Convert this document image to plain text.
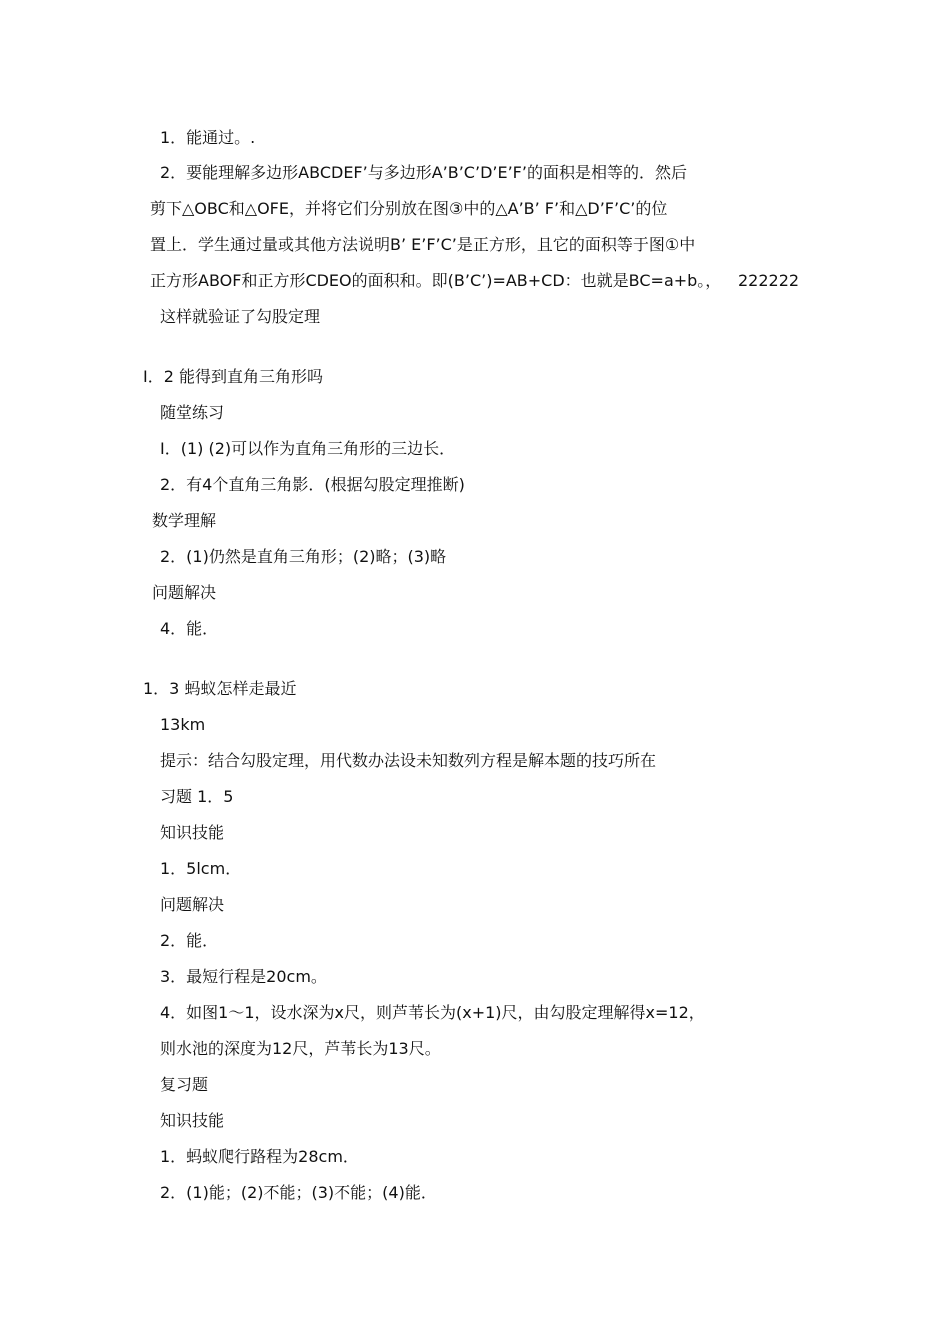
1．能通过。.
2．要能理解多边形ABCDEF’与多边形A’B’C’D’E’F’的面积是相等的．然后
剪下△OBC和△OFE，并将它们分别放在图③中的△A’B’ F’和△D’F’C’的位
置上．学生通过量或其他方法说明B’ E’F’C’是正方形，且它的面积等于图①中
正方形ABOF和正方形CDEO的面积和。即(B’C’)=AB+CD：也就是BC=a+b。， 222222
这样就验证了勾股定理
I．2 能得到直角三角形吗
随堂练习
I．(1) (2)可以作为直角三角形的三边长．
2．有4个直角三角影．(根据勾股定理推断)
数学理解
2．(1)仍然是直角三角形；(2)略；(3)略
问题解决
4．能．
1．3 蚂蚁怎样走最近
13km
提示：结合勾股定理，用代数办法设未知数列方程是解本题的技巧所在
习题 1．5
知识技能
1．5lcm．
问题解决
2．能．
3．最短行程是20cm。
4．如图1～1，设水深为x尺，则芦苇长为(x+1)尺，由勾股定理解得x=12，
则水池的深度为12尺，芦苇长为13尺。
复习题
知识技能
1．蚂蚁爬行路程为28cm．
2．(1)能；(2)不能；(3)不能；(4)能．
